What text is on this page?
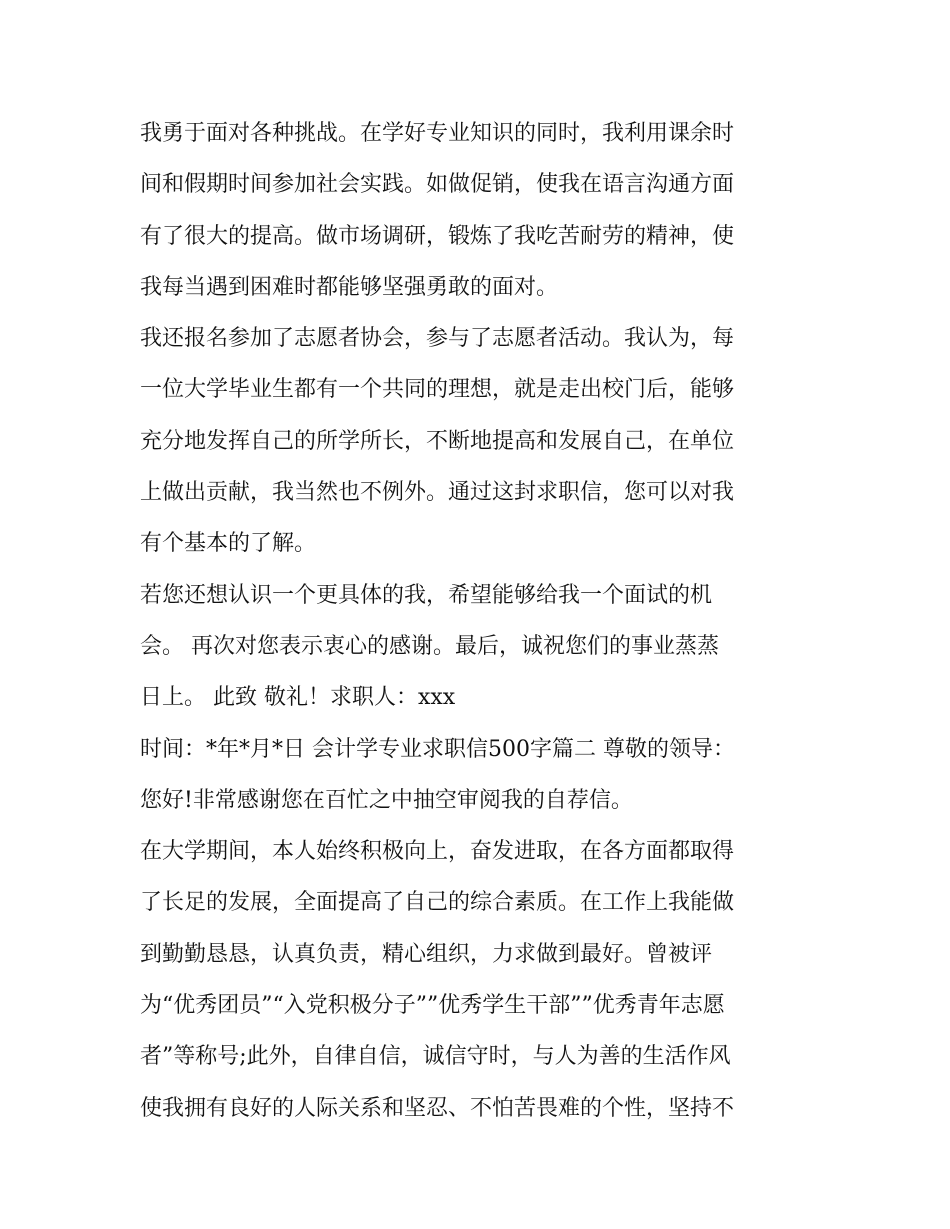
我勇于面对各种挑战。在学好专业知识的同时，我利用课余时
间和假期时间参加社会实践。如做促销，使我在语言沟通方面
有了很大的提高。做市场调研，锻炼了我吃苦耐劳的精神，使
我每当遇到困难时都能够坚强勇敢的面对。
我还报名参加了志愿者协会，参与了志愿者活动。我认为，每
一位大学毕业生都有一个共同的理想，就是走出校门后，能够
充分地发挥自己的所学所长，不断地提高和发展自己，在单位
上做出贡献，我当然也不例外。通过这封求职信，您可以对我
有个基本的了解。
若您还想认识一个更具体的我，希望能够给我一个面试的机
会。 再次对您表示衷心的感谢。最后，诚祝您们的事业蒸蒸
日上。 此致 敬礼！求职人：xxx
时间：*年*月*日 会计学专业求职信500字篇二 尊敬的领导：
您好!非常感谢您在百忙之中抽空审阅我的自荐信。
在大学期间，本人始终积极向上，奋发进取，在各方面都取得
了长足的发展，全面提高了自己的综合素质。在工作上我能做
到勤勤恳恳，认真负责，精心组织，力求做到最好。曾被评
为“优秀团员”“入党积极分子””优秀学生干部””优秀青年志愿
者”等称号;此外，自律自信，诚信守时，与人为善的生活作风
使我拥有良好的人际关系和坚忍、不怕苦畏难的个性，坚持不
